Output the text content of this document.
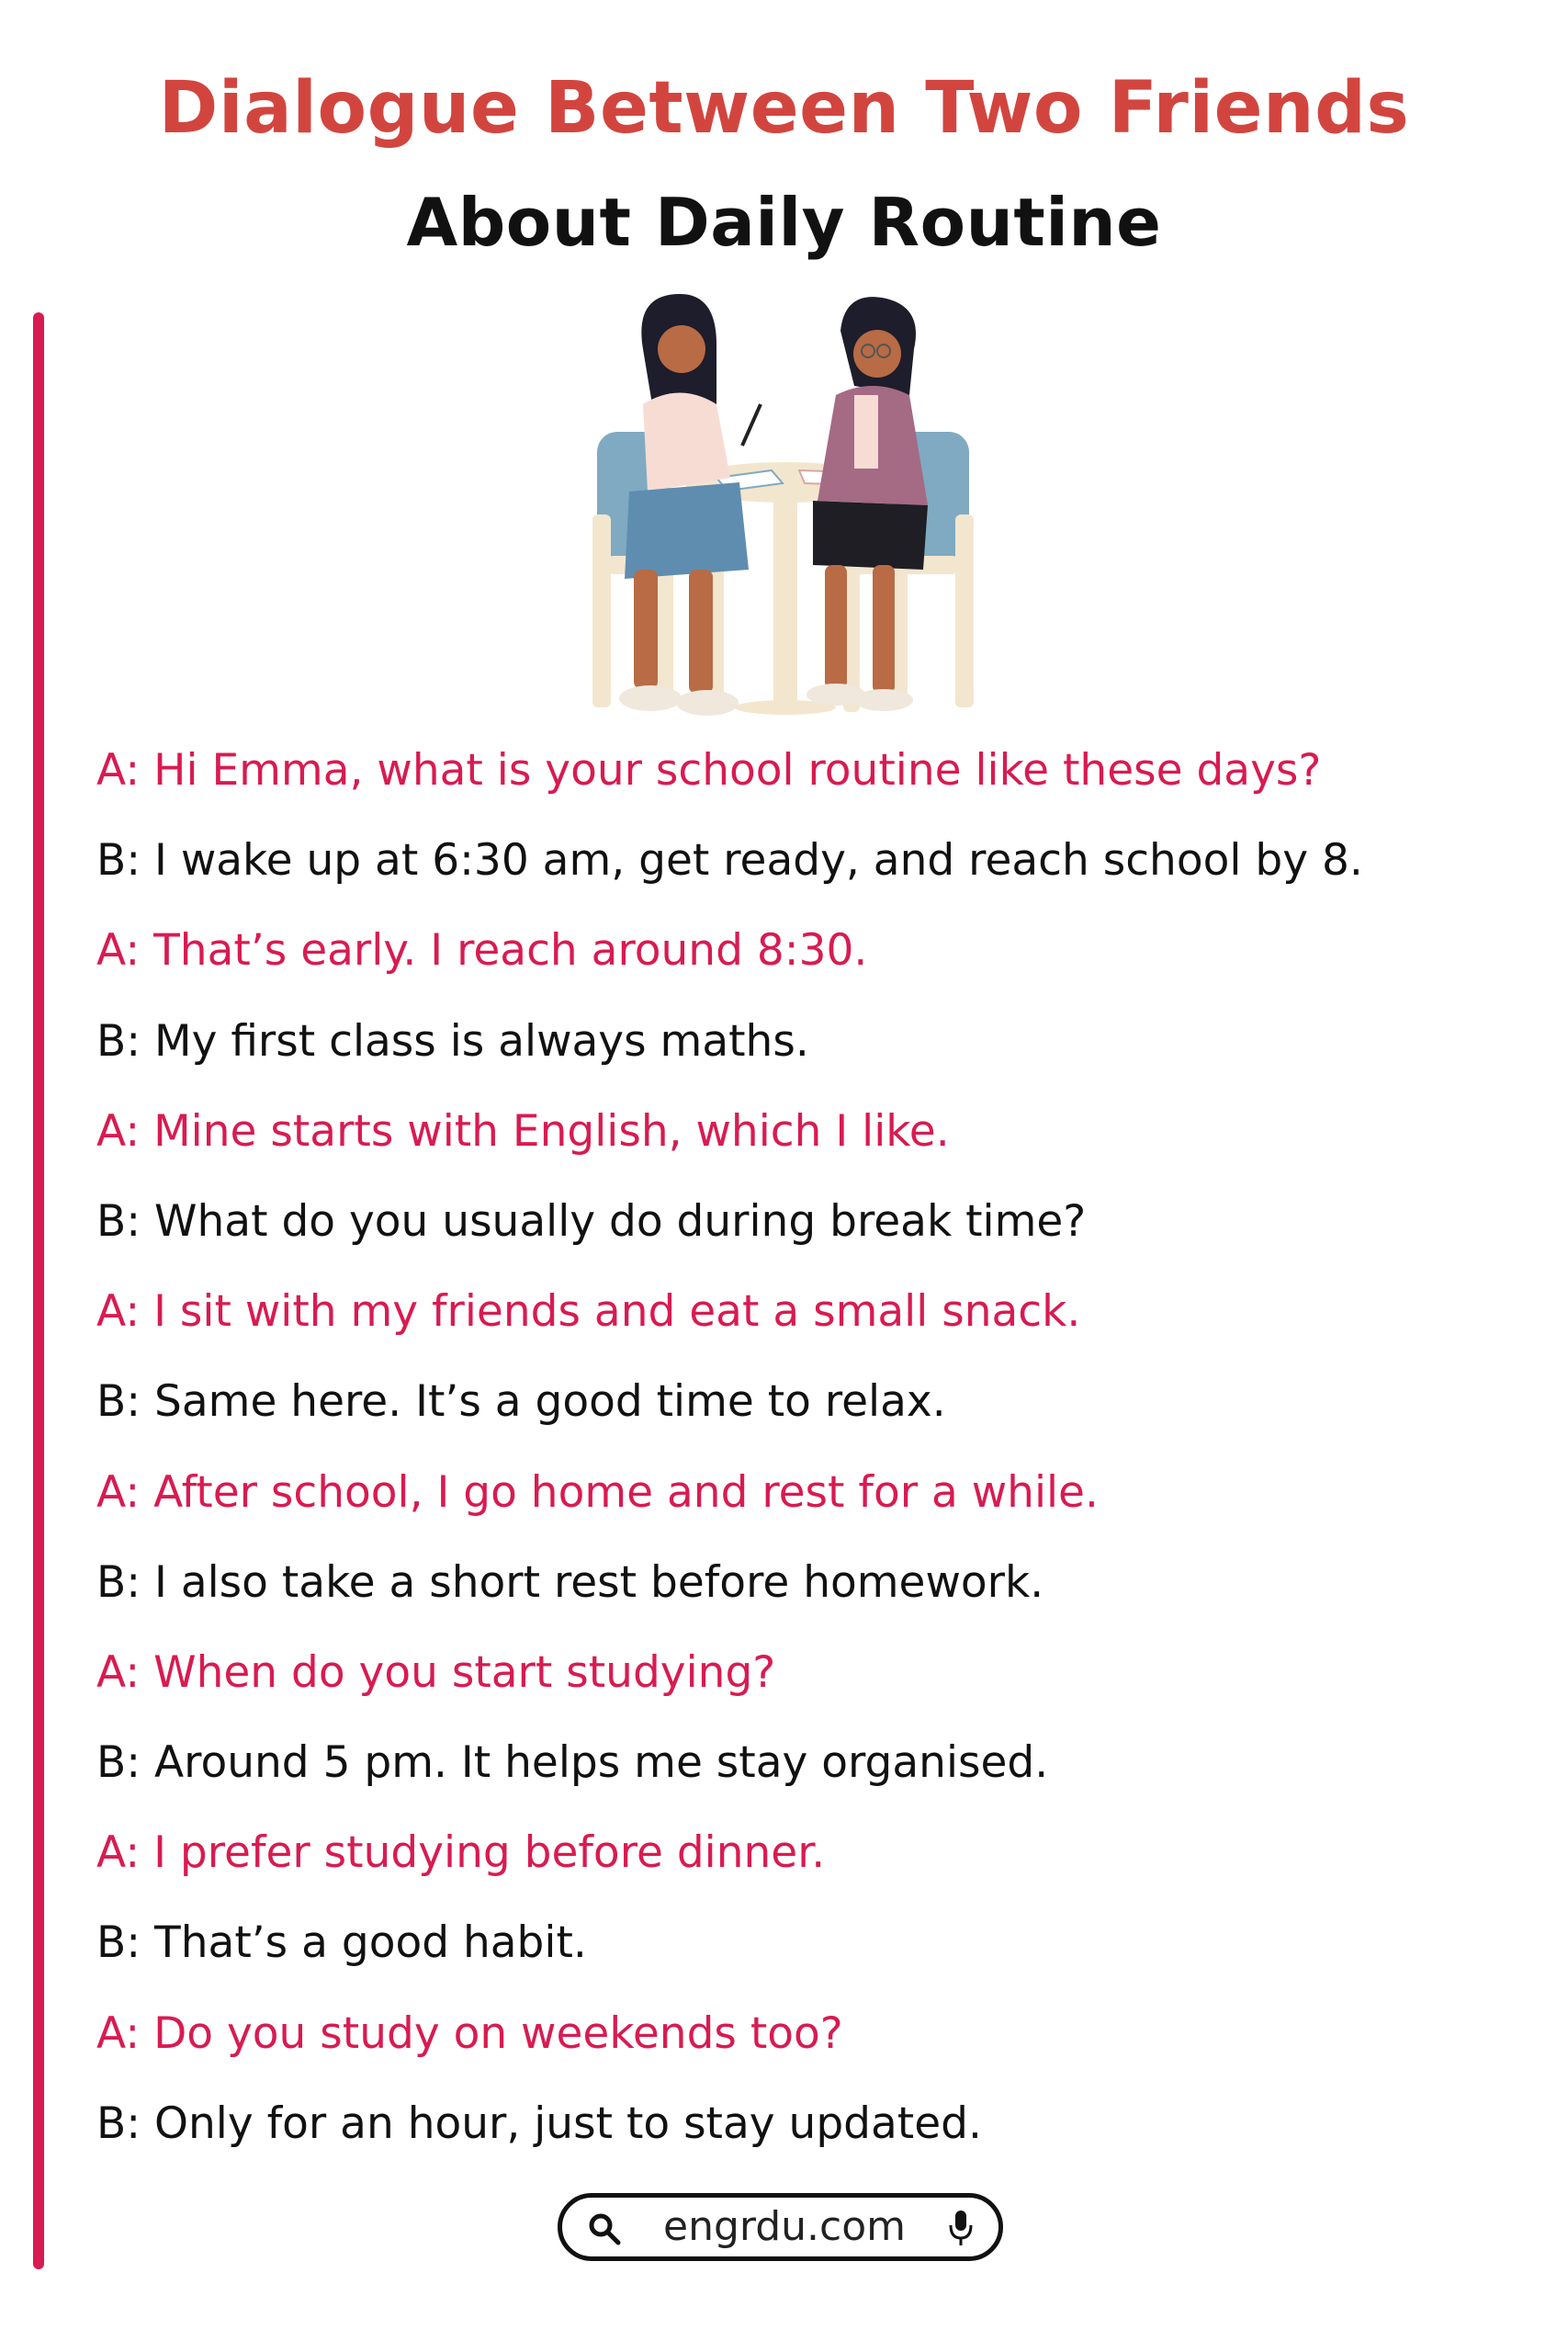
Dialogue Between Two Friends
About Daily Routine
A: Hi Emma, what is your school routine like these days?
B: I wake up at 6:30 am, get ready, and reach school by 8.
A: That’s early. I reach around 8:30.
B: My first class is always maths.
A: Mine starts with English, which I like.
B: What do you usually do during break time?
A: I sit with my friends and eat a small snack.
B: Same here. It’s a good time to relax.
A: After school, I go home and rest for a while.
B: I also take a short rest before homework.
A: When do you start studying?
B: Around 5 pm. It helps me stay organised.
A: I prefer studying before dinner.
B: That’s a good habit.
A: Do you study on weekends too?
B: Only for an hour, just to stay updated.
engrdu.com
